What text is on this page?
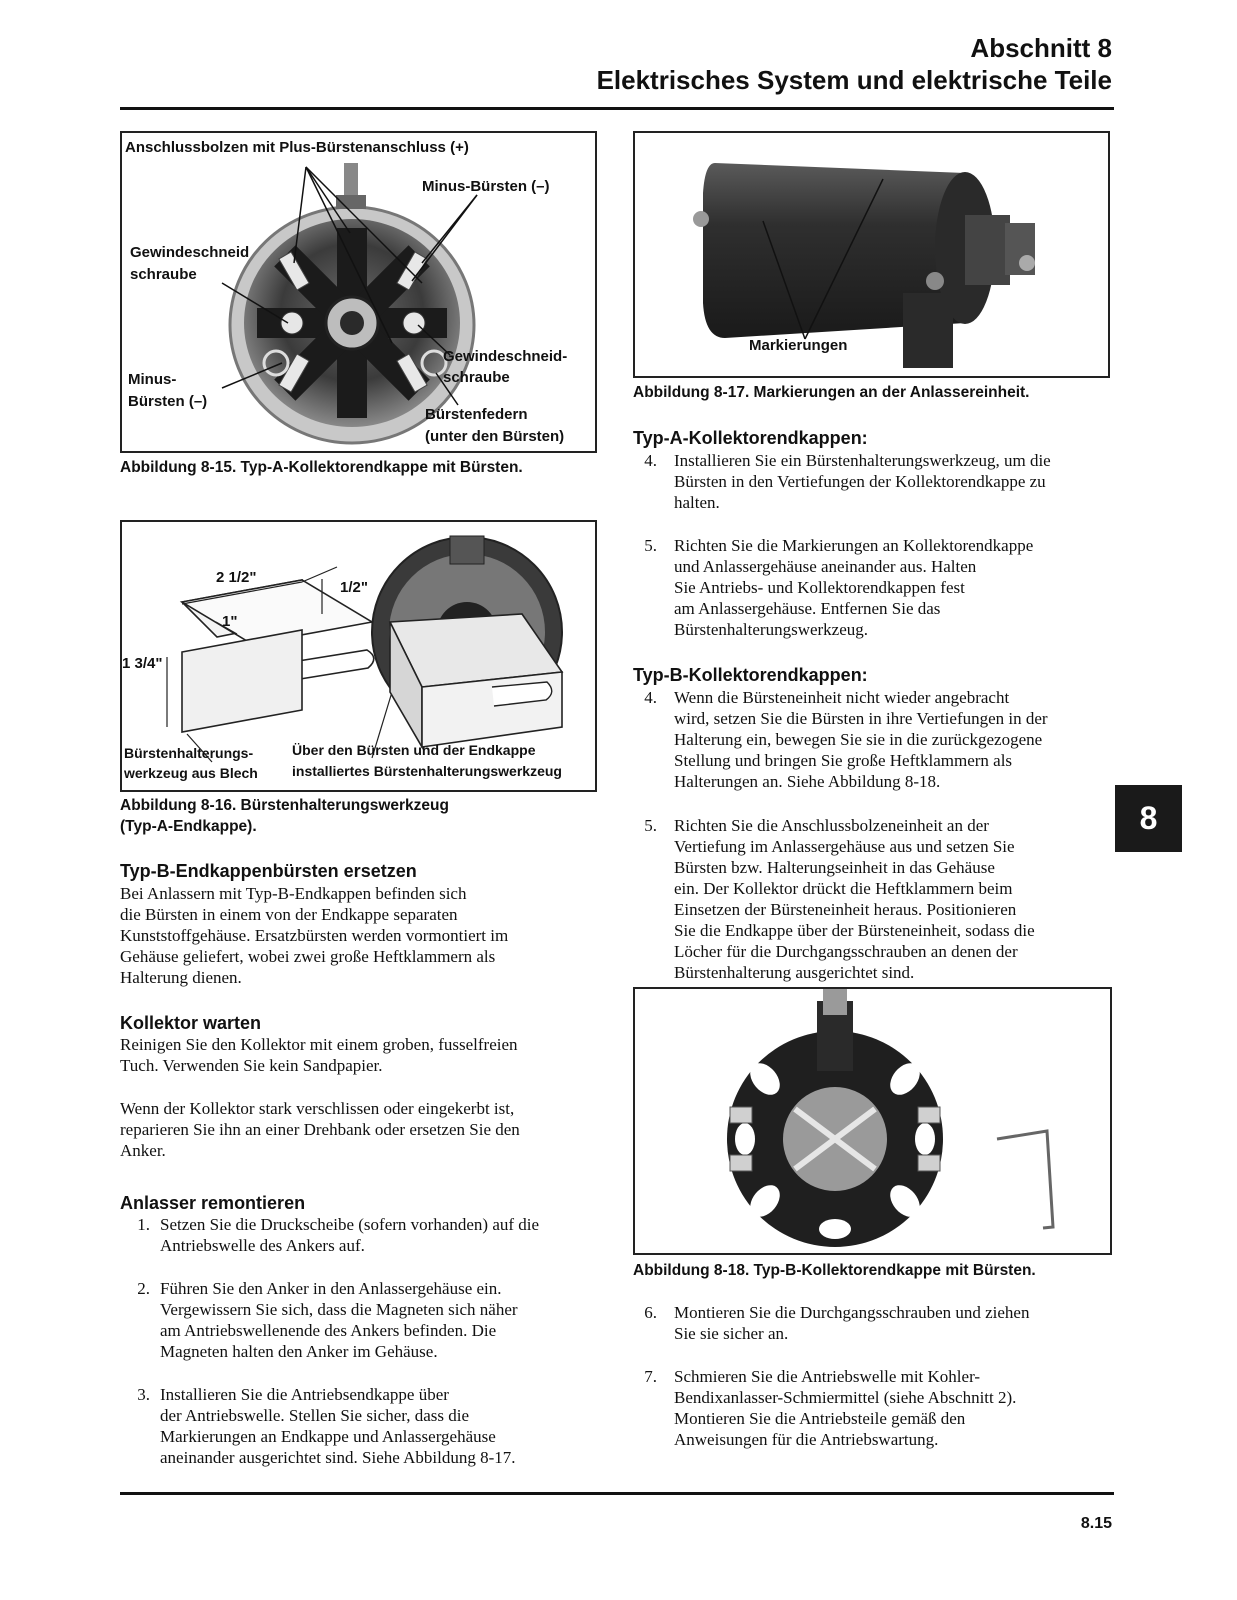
Abschnitt 8
Elektrisches System und elektrische Teile
Anschlussbolzen mit Plus-Bürstenanschluss (+)
Minus-Bürsten (–)
Gewindeschneid
schraube
Gewindeschneid-
schraube
Minus-
Bürsten (–)
Bürstenfedern
(unter den Bürsten)
Abbildung 8-15. Typ-A-Kollektorendkappe mit Bürsten.
2 1/2"
1/2"
1"
1 3/4"
Bürstenhalterungs-
werkzeug aus Blech
Über den Bürsten und der Endkappe
installiertes Bürstenhalterungswerkzeug
Abbildung 8-16. Bürstenhalterungswerkzeug
(Typ-A-Endkappe).
Typ-B-Endkappenbürsten ersetzen
Bei Anlassern mit Typ-B-Endkappen befinden sich
die Bürsten in einem von der Endkappe separaten
Kunststoffgehäuse. Ersatzbürsten werden vormontiert im
Gehäuse geliefert, wobei zwei große Heftklammern als
Halterung dienen.
Kollektor warten
Reinigen Sie den Kollektor mit einem groben, fusselfreien
Tuch. Verwenden Sie kein Sandpapier.
Wenn der Kollektor stark verschlissen oder eingekerbt ist,
reparieren Sie ihn an einer Drehbank oder ersetzen Sie den
Anker.
Anlasser remontieren
1. Setzen Sie die Druckscheibe (sofern vorhanden) auf die
Antriebswelle des Ankers auf.
2. Führen Sie den Anker in den Anlassergehäuse ein.
Vergewissern Sie sich, dass die Magneten sich näher
am Antriebswellenende des Ankers befinden. Die
Magneten halten den Anker im Gehäuse.
3. Installieren Sie die Antriebsendkappe über
der Antriebswelle. Stellen Sie sicher, dass die
Markierungen an Endkappe und Anlassergehäuse
aneinander ausgerichtet sind. Siehe Abbildung 8-17.
Markierungen
Abbildung 8-17. Markierungen an der Anlassereinheit.
Typ-A-Kollektorendkappen:
4. Installieren Sie ein Bürstenhalterungswerkzeug, um die
Bürsten in den Vertiefungen der Kollektorendkappe zu
halten.
5. Richten Sie die Markierungen an Kollektorendkappe
und Anlassergehäuse aneinander aus. Halten
Sie Antriebs- und Kollektorendkappen fest
am Anlassergehäuse. Entfernen Sie das
Bürstenhalterungswerkzeug.
Typ-B-Kollektorendkappen:
4. Wenn die Bürsteneinheit nicht wieder angebracht
wird, setzen Sie die Bürsten in ihre Vertiefungen in der
Halterung ein, bewegen Sie sie in die zurückgezogene
Stellung und bringen Sie große Heftklammern als
Halterungen an. Siehe Abbildung 8-18.
5. Richten Sie die Anschlussbolzeneinheit an der
Vertiefung im Anlassergehäuse aus und setzen Sie
Bürsten bzw. Halterungseinheit in das Gehäuse
ein. Der Kollektor drückt die Heftklammern beim
Einsetzen der Bürsteneinheit heraus. Positionieren
Sie die Endkappe über der Bürsteneinheit, sodass die
Löcher für die Durchgangsschrauben an denen der
Bürstenhalterung ausgerichtet sind.
Abbildung 8-18. Typ-B-Kollektorendkappe mit Bürsten.
6. Montieren Sie die Durchgangsschrauben und ziehen
Sie sie sicher an.
7. Schmieren Sie die Antriebswelle mit Kohler-
Bendixanlasser-Schmiermittel (siehe Abschnitt 2).
Montieren Sie die Antriebsteile gemäß den
Anweisungen für die Antriebswartung.
8
8.15
